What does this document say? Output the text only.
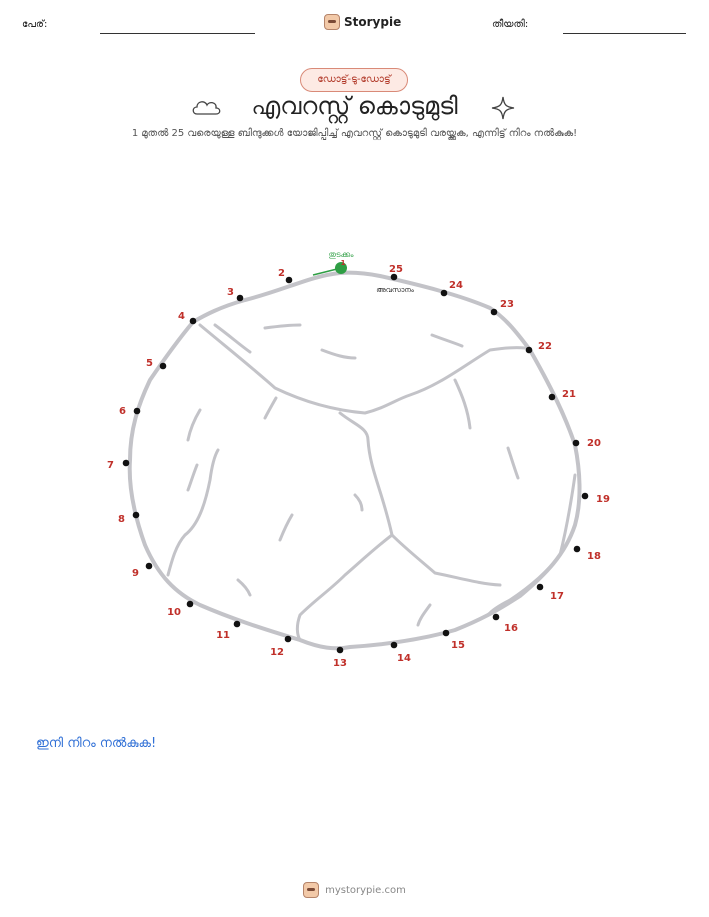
പേര്:	Storypie	തീയതി:
ഡോട്ട്-ടു-ഡോട്ട്
എവറസ്റ്റ് കൊടുമുടി
1 മുതൽ 25 വരെയുള്ള ബിന്ദുക്കൾ യോജിപ്പിച്ച് എവറസ്റ്റ് കൊടുമുടി വരയ്ക്കുക, എന്നിട്ട് നിറം നൽകുക!
തുടക്കം
അവസാനം
2
3
4
5
6
7
8
9
10
11
12
13	14
15
16
17
18
19
20
21
22
23
24
25
1
ഇനി നിറം നൽകുക!
mystorypie.com
